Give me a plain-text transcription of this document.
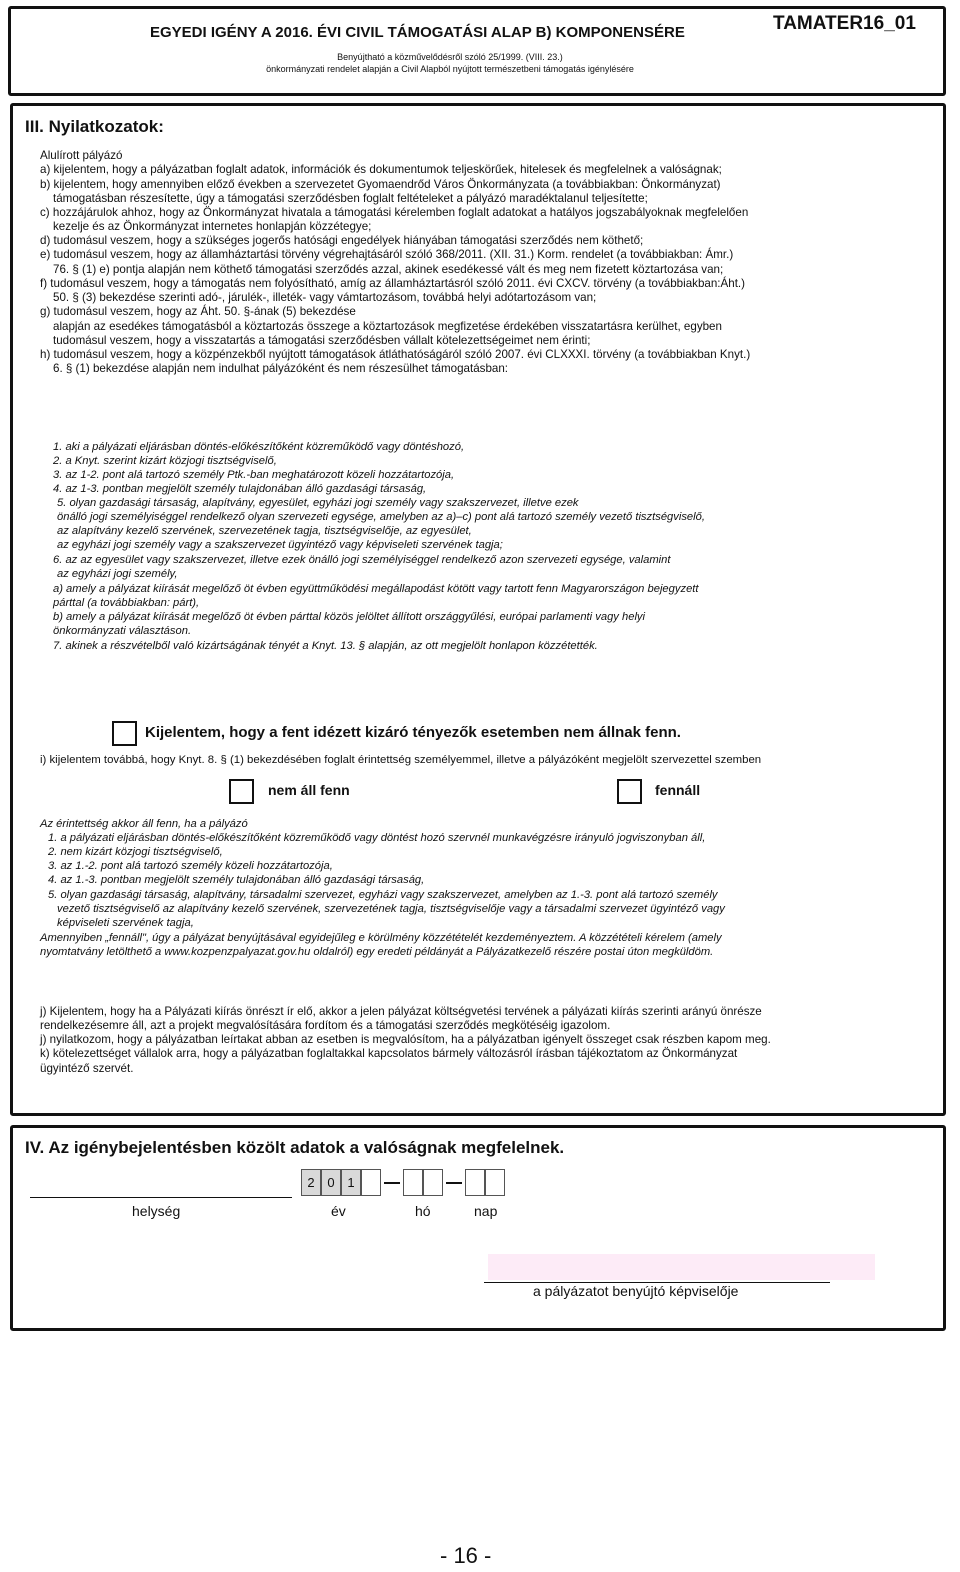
EGYEDI IGÉNY A 2016. ÉVI CIVIL TÁMOGATÁSI ALAP B) KOMPONENSÉRE	TAMATER16_01
Benyújtható a közművelődésről szóló 25/1999. (VIII. 23.)
önkormányzati rendelet alapján a Civil Alapból nyújtott természetbeni támogatás igénylésére
III. Nyilatkozatok:
Alulírott pályázó
a) kijelentem, hogy a pályázatban foglalt adatok, információk és dokumentumok teljeskörűek, hitelesek és megfelelnek a valóságnak;
b) kijelentem, hogy amennyiben előző években a szervezetet Gyomaendrőd Város Önkormányzata (a továbbiakban: Önkormányzat)
támogatásban részesítette, úgy a támogatási szerződésben foglalt feltételeket a pályázó maradéktalanul teljesítette;
c) hozzájárulok ahhoz, hogy az Önkormányzat hivatala a támogatási kérelemben foglalt adatokat a hatályos jogszabályoknak megfelelően
kezelje és az Önkormányzat internetes honlapján közzétegye;
d) tudomásul veszem, hogy a szükséges jogerős hatósági engedélyek hiányában támogatási szerződés nem köthető;
e) tudomásul veszem, hogy az államháztartási törvény végrehajtásáról szóló 368/2011. (XII. 31.) Korm. rendelet (a továbbiakban: Ámr.)
76. § (1) e) pontja alapján nem köthető támogatási szerződés azzal, akinek esedékessé vált és meg nem fizetett köztartozása van;
f) tudomásul veszem, hogy a támogatás nem folyósítható, amíg az államháztartásról szóló 2011. évi CXCV. törvény (a továbbiakban:Áht.)
50. § (3) bekezdése szerinti adó-, járulék-, illeték- vagy vámtartozásom, továbbá helyi adótartozásom van;
g) tudomásul veszem, hogy az Áht. 50. §-ának (5) bekezdése
alapján az esedékes támogatásból a köztartozás összege a köztartozások megfizetése érdekében visszatartásra kerülhet, egyben
tudomásul veszem, hogy a visszatartás a támogatási szerződésben vállalt kötelezettségeimet nem érinti;
h) tudomásul veszem, hogy a közpénzekből nyújtott támogatások átláthatóságáról szóló 2007. évi CLXXXI. törvény (a továbbiakban Knyt.)
6. § (1) bekezdése alapján nem indulhat pályázóként és nem részesülhet támogatásban:
1. aki a pályázati eljárásban döntés-előkészítőként közreműködő vagy döntéshozó,
2. a Knyt. szerint kizárt közjogi tisztségviselő,
3. az 1-2. pont alá tartozó személy Ptk.-ban meghatározott közeli hozzátartozója,
4. az 1-3. pontban megjelölt személy tulajdonában álló gazdasági társaság,
5. olyan gazdasági társaság, alapítvány, egyesület, egyházi jogi személy vagy szakszervezet, illetve ezek
önálló jogi személyiséggel rendelkező olyan szervezeti egysége, amelyben az a)–c) pont alá tartozó személy vezető tisztségviselő,
az alapítvány kezelő szervének, szervezetének tagja, tisztségviselője, az egyesület,
az egyházi jogi személy vagy a szakszervezet ügyintéző vagy képviseleti szervének tagja;
6. az az egyesület vagy szakszervezet, illetve ezek önálló jogi személyiséggel rendelkező azon szervezeti egysége, valamint
az egyházi jogi személy,
a) amely a pályázat kiírását megelőző öt évben együttműködési megállapodást kötött vagy tartott fenn Magyarországon bejegyzett
párttal (a továbbiakban: párt),
b) amely a pályázat kiírását megelőző öt évben párttal közös jelöltet állított országgyűlési, európai parlamenti vagy helyi
önkormányzati választáson.
7. akinek a részvételből való kizártságának tényét a Knyt. 13. § alapján, az ott megjelölt honlapon közzétették.
Kijelentem, hogy a fent idézett kizáró tényezők esetemben nem állnak fenn.
i) kijelentem továbbá, hogy Knyt. 8. § (1) bekezdésében foglalt érintettség személyemmel, illetve a pályázóként megjelölt szervezettel szemben
nem áll fenn	fennáll
Az érintettség akkor áll fenn, ha a pályázó
1. a pályázati eljárásban döntés-előkészítőként közreműködő vagy döntést hozó szervnél munkavégzésre irányuló jogviszonyban áll,
2. nem kizárt közjogi tisztségviselő,
3. az 1.-2. pont alá tartozó személy közeli hozzátartozója,
4. az 1.-3. pontban megjelölt személy tulajdonában álló gazdasági társaság,
5. olyan gazdasági társaság, alapítvány, társadalmi szervezet, egyházi vagy szakszervezet, amelyben az 1.-3. pont alá tartozó személy
vezető tisztségviselő az alapítvány kezelő szervének, szervezetének tagja, tisztségviselője vagy a társadalmi szervezet ügyintéző vagy
képviseleti szervének tagja,
Amennyiben „fennáll", úgy a pályázat benyújtásával egyidejűleg e körülmény közzétételét kezdeményeztem. A közzétételi kérelem (amely
nyomtatvány letölthető a www.kozpenzpalyazat.gov.hu oldalról) egy eredeti példányát a Pályázatkezelő részére postai úton megküldöm.
j) Kijelentem, hogy ha a Pályázati kiírás önrészt ír elő, akkor a jelen pályázat költségvetési tervének a pályázati kiírás szerinti arányú önrésze
rendelkezésemre áll, azt a projekt megvalósítására fordítom és a támogatási szerződés megkötéséig igazolom.
j) nyilatkozom, hogy a pályázatban leírtakat abban az esetben is megvalósítom, ha a pályázatban igényelt összeget csak részben kapom meg.
k) kötelezettséget vállalok arra, hogy a pályázatban foglaltakkal kapcsolatos bármely változásról írásban tájékoztatom az Önkormányzat
ügyintéző szervét.
IV. Az igénybejelentésben közölt adatok a valóságnak megfelelnek.
2 0 1
helység	év	hó	nap
a pályázatot benyújtó képviselője
- 16 -
